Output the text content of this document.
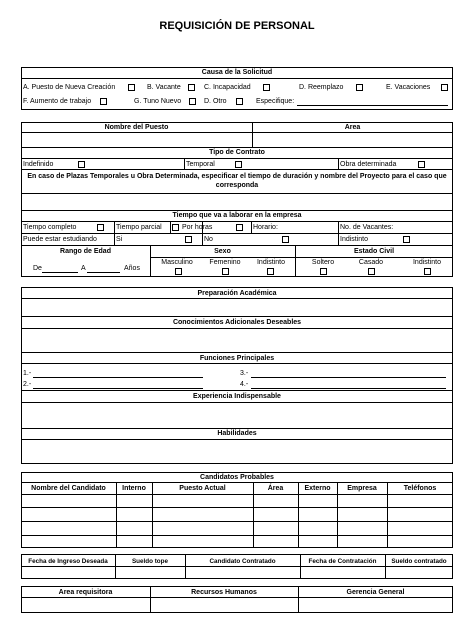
REQUISICIÓN DE PERSONAL
Causa de la Solicitud
A. Puesto de Nueva Creación	B. Vacante	C. Incapacidad	D. Reemplazo	E. Vacaciones
F. Aumento de trabajo	G. Tuno Nuevo	D. Otro	Especifique:
Nombre del Puesto	Area
Tipo de Contrato
Indefinido	Temporal	Obra determinada
En caso de Plazas Temporales u Obra Determinada, especificar el tiempo de duración y nombre del Proyecto para el caso que corresponda
Tiempo que va a laborar en la empresa
Tiempo completo	Tiempo parcial	Por horas	Horario:	No. de Vacantes:
Puede estar estudiando	Si	No	Indistinto
Rango de Edad
De	A	Años
Sexo
Masculino	Femenino	Indistinto
Estado Civil
Soltero	Casado	Indistinto
Preparación Académica
Conocimientos Adicionales Deseables
Funciones Principales
1.-	3.-
2.-	4.-
Experiencia Indispensable
Habilidades
Candidatos Probables
Nombre del Candidato	Interno	Puesto Actual	Área	Externo	Empresa	Teléfonos
Fecha de Ingreso Deseada	Sueldo tope	Candidato Contratado	Fecha de Contratación	Sueldo contratado
Area requisitora	Recursos Humanos	Gerencia General
